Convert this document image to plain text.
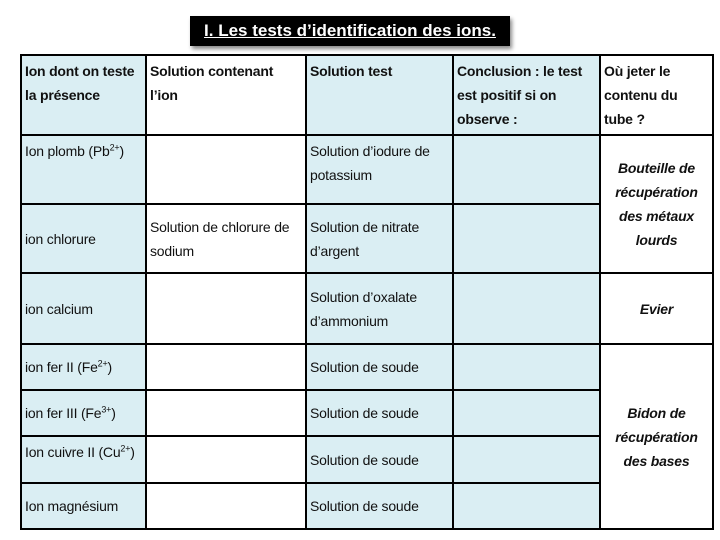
I. Les tests d’identification des ions.
Ion dont on teste la présence	Solution contenant l’ion	Solution test	Conclusion : le test est positif si on observe :	Où jeter le contenu du tube ?
Ion plomb $(Pb^{2+})$		Solution d’iodure de potassium		Bouteille de récupération des métaux lourds
ion chlorure	Solution de chlorure de sodium	Solution de nitrate d’argent		
ion calcium		Solution d’oxalate d’ammonium		Evier
ion fer II $(Fe^{2+})$		Solution de soude		Bidon de récupération des bases
ion fer III $(Fe^{3+})$		Solution de soude		
Ion cuivre II $(Cu^{2+})$		Solution de soude		
Ion magnésium		Solution de soude		
